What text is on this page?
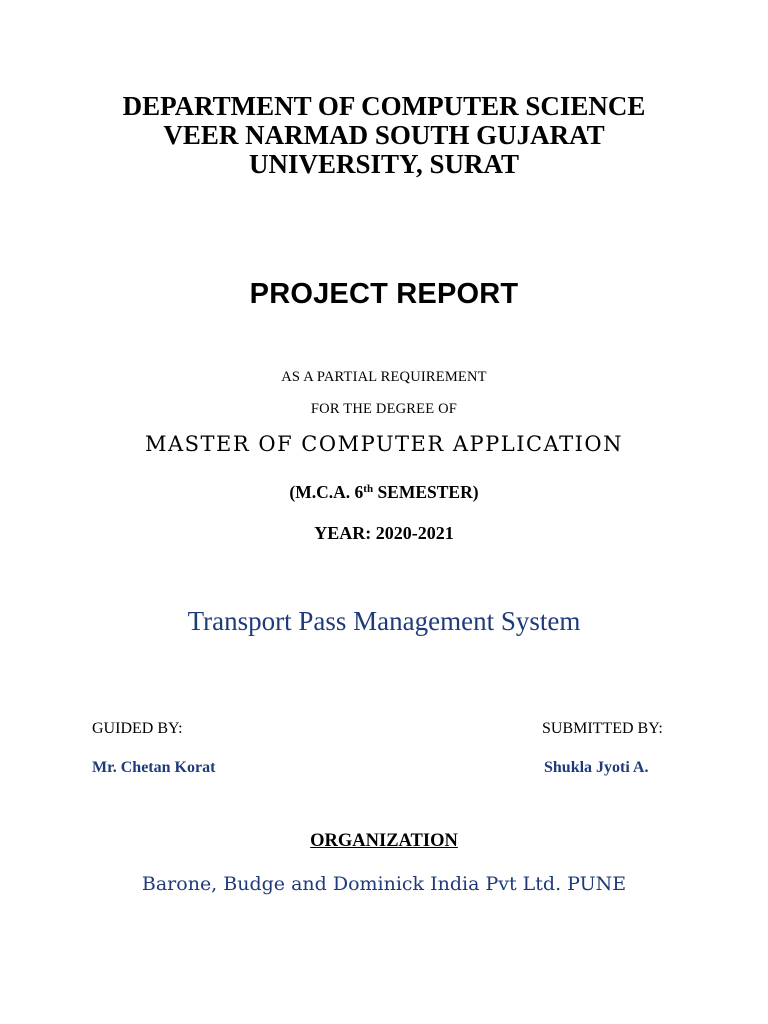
DEPARTMENT OF COMPUTER SCIENCE
VEER NARMAD SOUTH GUJARAT
UNIVERSITY, SURAT
PROJECT REPORT
AS A PARTIAL REQUIREMENT
FOR THE DEGREE OF
MASTER OF COMPUTER APPLICATION
(M.C.A. 6th SEMESTER)
YEAR: 2020-2021
Transport Pass Management System
GUIDED BY:	SUBMITTED BY:
Mr. Chetan Korat	Shukla Jyoti A.
ORGANIZATION
Barone, Budge and Dominick India Pvt Ltd. PUNE
